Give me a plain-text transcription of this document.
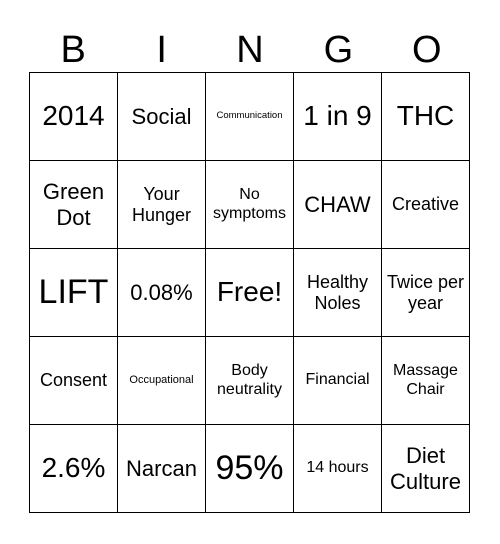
B	I	N	G	O
2014	Social	Communication	1 in 9	THC
Green Dot	Your Hunger	No symptoms	CHAW	Creative
LIFT	0.08%	Free!	Healthy Noles	Twice per year
Consent	Occupational	Body neutrality	Financial	Massage Chair
2.6%	Narcan	95%	14 hours	Diet Culture
